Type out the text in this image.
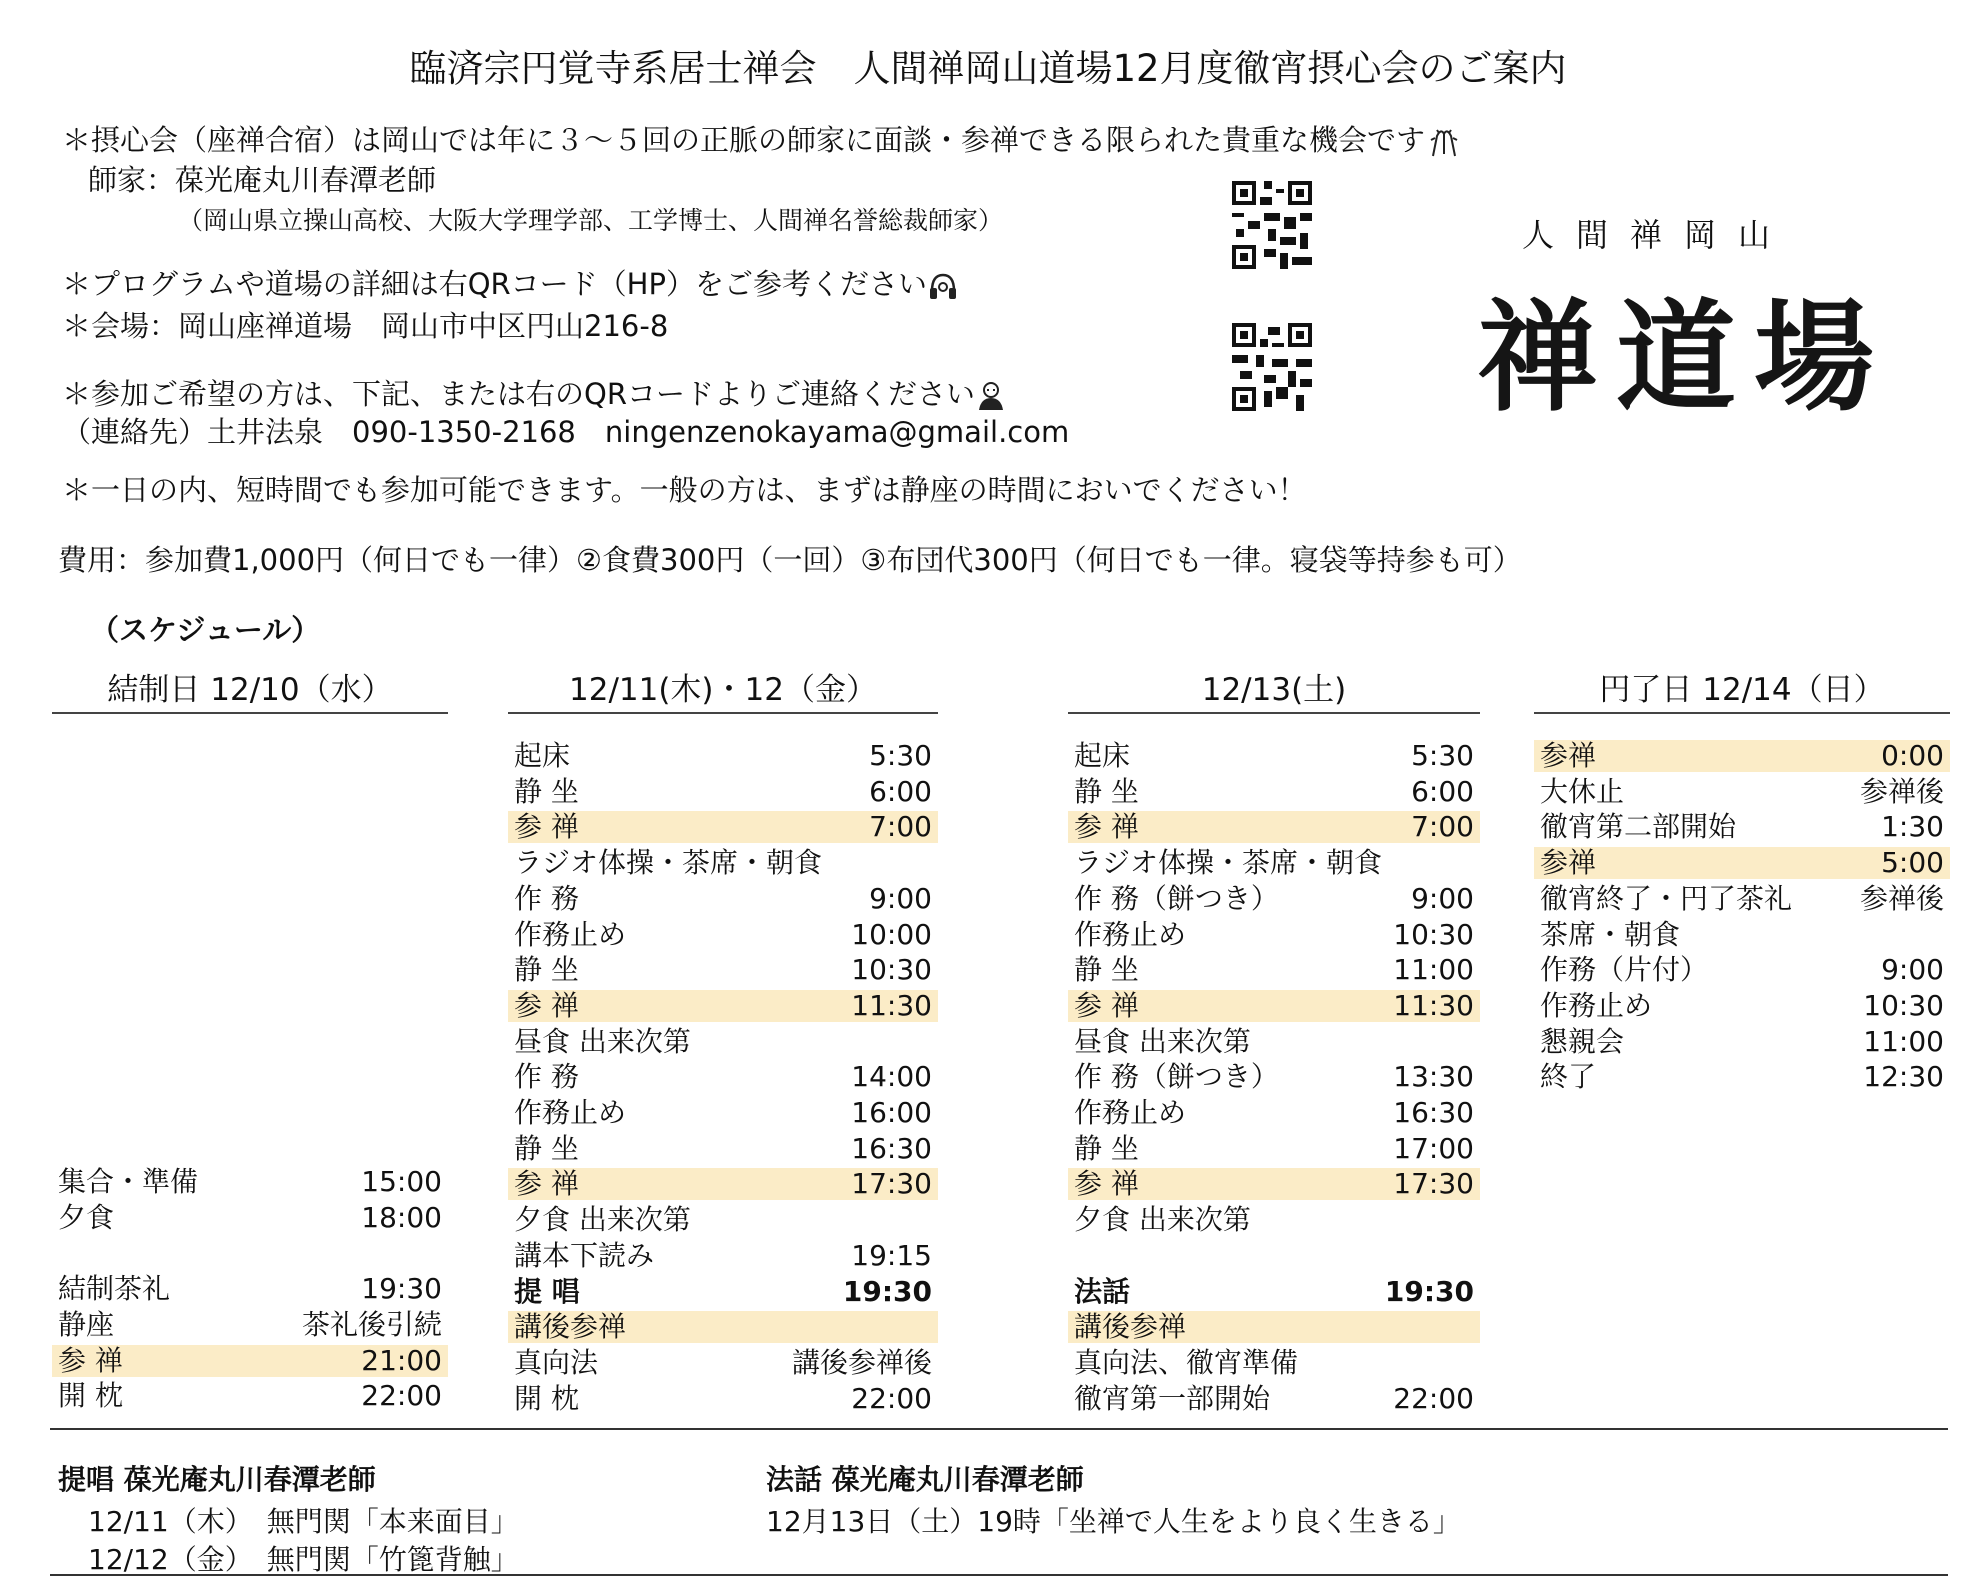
臨済宗円覚寺系居士禅会　人間禅岡山道場12月度徹宵摂心会のご案内
＊摂心会（座禅合宿）は岡山では年に３～５回の正脈の師家に面談・参禅できる限られた貴重な機会です
師家：葆光庵丸川春潭老師
（岡山県立操山高校、大阪大学理学部、工学博士、人間禅名誉総裁師家）
＊プログラムや道場の詳細は右QRコード（HP）をご参考ください
＊会場：岡山座禅道場　岡山市中区円山216-8
＊参加ご希望の方は、下記、または右のQRコードよりご連絡ください
（連絡先）土井法泉　090-1350-2168　ningenzenokayama@gmail.com
＊一日の内、短時間でも参加可能できます。一般の方は、まずは静座の時間においでください！
費用：参加費1,000円（何日でも一律）②食費300円（一回）③布団代300円（何日でも一律。寝袋等持参も可）
人間禅岡山
禅道場
（スケジュール）
結制日 12/10（水）
集合・準備	15:00
夕食	18:00
結制茶礼	19:30
静座	茶礼後引続
参 禅	21:00
開 枕	22:00
12/11(木)・12（金）
起床	5:30
静 坐	6:00
参 禅	7:00
ラジオ体操・茶席・朝食
作 務	9:00
作務止め	10:00
静 坐	10:30
参 禅	11:30
昼食 出来次第
作 務	14:00
作務止め	16:00
静 坐	16:30
参 禅	17:30
夕食 出来次第
講本下読み	19:15
提 唱	19:30
講後参禅
真向法	講後参禅後
開 枕	22:00
12/13(土)
起床	5:30
静 坐	6:00
参 禅	7:00
ラジオ体操・茶席・朝食
作 務（餅つき）	9:00
作務止め	10:30
静 坐	11:00
参 禅	11:30
昼食 出来次第
作 務（餅つき）	13:30
作務止め	16:30
静 坐	17:00
参 禅	17:30
夕食 出来次第
法話	19:30
講後参禅
真向法、徹宵準備
徹宵第一部開始	22:00
円了日 12/14（日）
参禅	0:00
大休止	参禅後
徹宵第二部開始	1:30
参禅	5:00
徹宵終了・円了茶礼 参禅後
茶席・朝食
作務（片付）	9:00
作務止め	10:30
懇親会	11:00
終了	12:30
提唱 葆光庵丸川春潭老師
12/11（木）　無門関「本来面目」
12/12（金）　無門関「竹篦背触」
法話 葆光庵丸川春潭老師
12月13日（土）19時「坐禅で人生をより良く生きる」
